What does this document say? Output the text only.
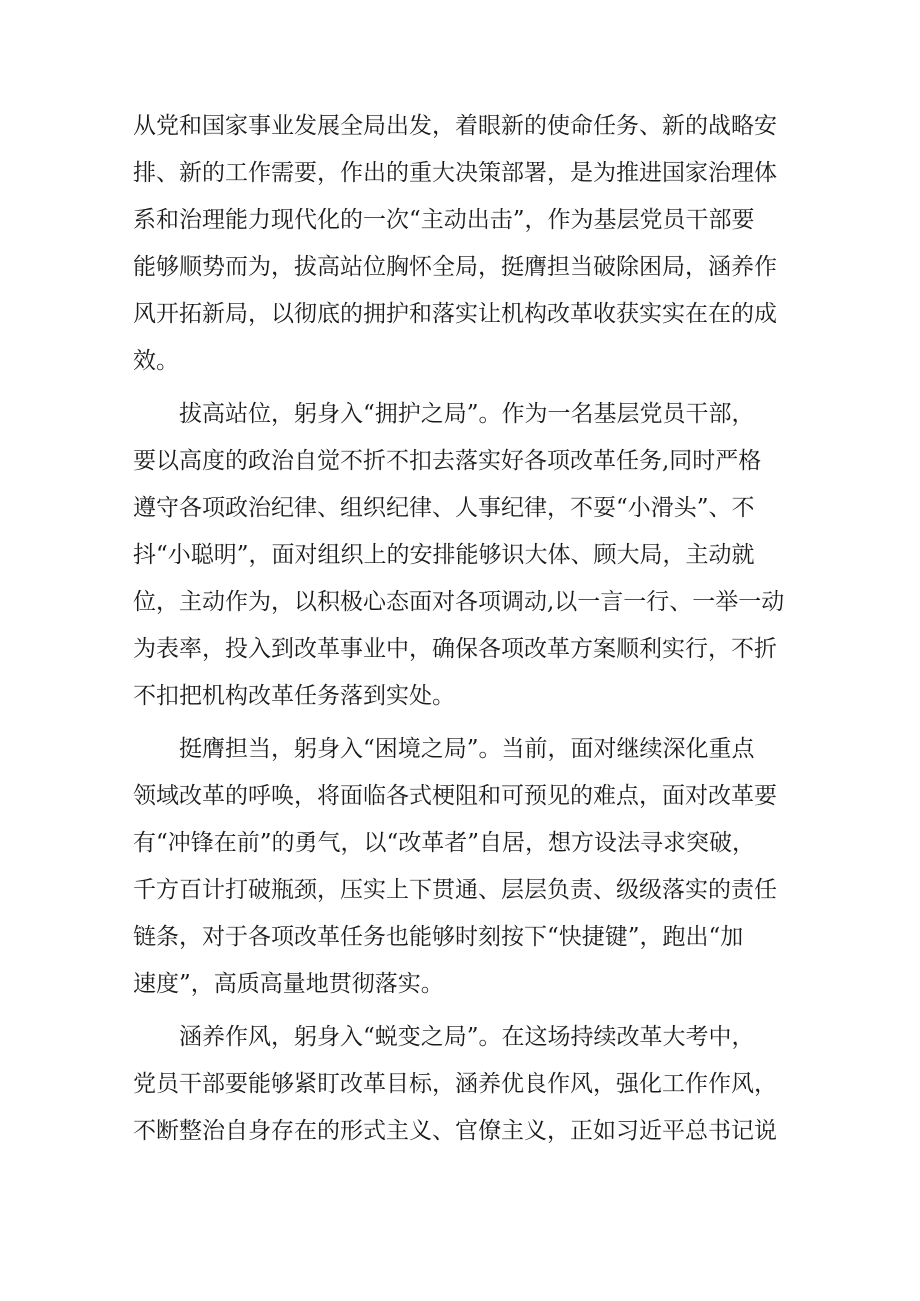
从党和国家事业发展全局出发，着眼新的使命任务、新的战略安
排、新的工作需要，作出的重大决策部署，是为推进国家治理体
系和治理能力现代化的一次“主动出击”，作为基层党员干部要
能够顺势而为，拔高站位胸怀全局，挺膺担当破除困局，涵养作
风开拓新局，以彻底的拥护和落实让机构改革收获实实在在的成
效。
拔高站位，躬身入“拥护之局”。作为一名基层党员干部，
要以高度的政治自觉不折不扣去落实好各项改革任务,同时严格
遵守各项政治纪律、组织纪律、人事纪律，不耍“小滑头”、不
抖“小聪明”，面对组织上的安排能够识大体、顾大局，主动就
位，主动作为，以积极心态面对各项调动,以一言一行、一举一动
为表率，投入到改革事业中，确保各项改革方案顺利实行，不折
不扣把机构改革任务落到实处。
挺膺担当，躬身入“困境之局”。当前，面对继续深化重点
领域改革的呼唤，将面临各式梗阻和可预见的难点，面对改革要
有“冲锋在前”的勇气，以“改革者”自居，想方设法寻求突破，
千方百计打破瓶颈，压实上下贯通、层层负责、级级落实的责任
链条，对于各项改革任务也能够时刻按下“快捷键”，跑出“加
速度”，高质高量地贯彻落实。
涵养作风，躬身入“蜕变之局”。在这场持续改革大考中，
党员干部要能够紧盯改革目标，涵养优良作风，强化工作作风，
不断整治自身存在的形式主义、官僚主义，正如习近平总书记说
